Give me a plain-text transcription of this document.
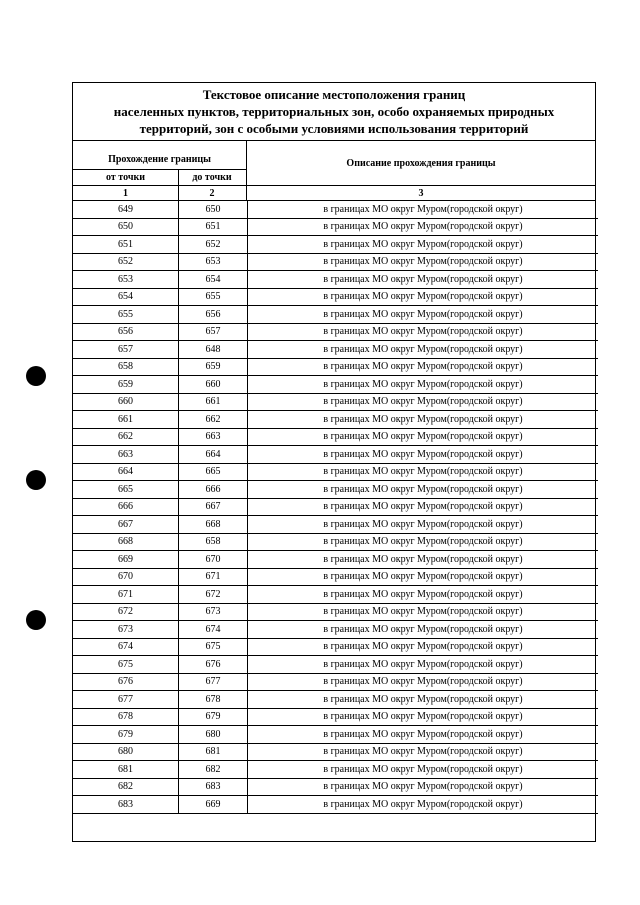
Текстовое описание местоположения границ
населенных пунктов, территориальных зон, особо охраняемых природных
территорий, зон с особыми условиями использования территорий
Прохождение границы
от точки	до точки
Описание прохождения границы
1	2	3
649	650	в границах МО округ Муром(городской округ)
650	651	в границах МО округ Муром(городской округ)
651	652	в границах МО округ Муром(городской округ)
652	653	в границах МО округ Муром(городской округ)
653	654	в границах МО округ Муром(городской округ)
654	655	в границах МО округ Муром(городской округ)
655	656	в границах МО округ Муром(городской округ)
656	657	в границах МО округ Муром(городской округ)
657	648	в границах МО округ Муром(городской округ)
658	659	в границах МО округ Муром(городской округ)
659	660	в границах МО округ Муром(городской округ)
660	661	в границах МО округ Муром(городской округ)
661	662	в границах МО округ Муром(городской округ)
662	663	в границах МО округ Муром(городской округ)
663	664	в границах МО округ Муром(городской округ)
664	665	в границах МО округ Муром(городской округ)
665	666	в границах МО округ Муром(городской округ)
666	667	в границах МО округ Муром(городской округ)
667	668	в границах МО округ Муром(городской округ)
668	658	в границах МО округ Муром(городской округ)
669	670	в границах МО округ Муром(городской округ)
670	671	в границах МО округ Муром(городской округ)
671	672	в границах МО округ Муром(городской округ)
672	673	в границах МО округ Муром(городской округ)
673	674	в границах МО округ Муром(городской округ)
674	675	в границах МО округ Муром(городской округ)
675	676	в границах МО округ Муром(городской округ)
676	677	в границах МО округ Муром(городской округ)
677	678	в границах МО округ Муром(городской округ)
678	679	в границах МО округ Муром(городской округ)
679	680	в границах МО округ Муром(городской округ)
680	681	в границах МО округ Муром(городской округ)
681	682	в границах МО округ Муром(городской округ)
682	683	в границах МО округ Муром(городской округ)
683	669	в границах МО округ Муром(городской округ)
